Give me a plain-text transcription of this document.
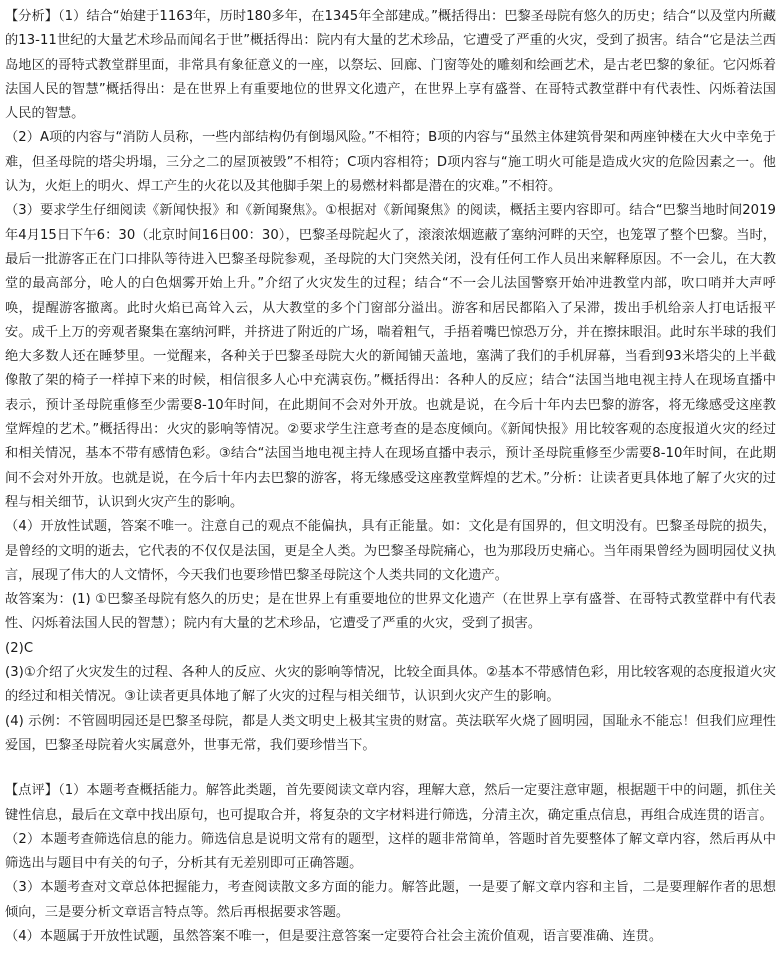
【分析】（1）结合“始建于1163年，历时180多年，在1345年全部建成。”概括得出：巴黎圣母院有悠久的历史；结合“以及堂内所藏的13-11世纪的大量艺术珍品而闻名于世”概括得出：院内有大量的艺术珍品，它遭受了严重的火灾，受到了损害。结合“它是法兰西岛地区的哥特式教堂群里面，非常具有象征意义的一座，以祭坛、回廊、门窗等处的雕刻和绘画艺术，是古老巴黎的象征。它闪烁着法国人民的智慧”概括得出：是在世界上有重要地位的世界文化遗产，在世界上享有盛誉、在哥特式教堂群中有代表性、闪烁着法国人民的智慧。

（2）A项的内容与“消防人员称，一些内部结构仍有倒塌风险。”不相符；B项的内容与“虽然主体建筑骨架和两座钟楼在大火中幸免于难，但圣母院的塔尖坍塌，三分之二的屋顶被毁”不相符；C项内容相符；D项内容与“施工明火可能是造成火灾的危险因素之一。他认为，火炬上的明火、焊工产生的火花以及其他脚手架上的易燃材料都是潜在的灾难。”不相符。

（3）要求学生仔细阅读《新闻快报》和《新闻聚焦》。①根据对《新闻聚焦》的阅读，概括主要内容即可。结合“巴黎当地时间2019年4月15日下午6：30（北京时间16日00：30），巴黎圣母院起火了，滚滚浓烟遮蔽了塞纳河畔的天空，也笼罩了整个巴黎。当时，最后一批游客正在门口排队等待进入巴黎圣母院参观，圣母院的大门突然关闭，没有任何工作人员出来解释原因。不一会儿，在大教堂的最高部分，呛人的白色烟雾开始上升。”介绍了火灾发生的过程；结合“不一会儿法国警察开始冲进教堂内部，吹口哨并大声呼唤，提醒游客撤离。此时火焰已高耸入云，从大教堂的多个门窗部分溢出。游客和居民都陷入了呆滞，拨出手机给亲人打电话报平安。成千上万的旁观者聚集在塞纳河畔，并挤进了附近的广场，喘着粗气，手捂着嘴巴惊恐万分，并在擦抹眼泪。此时东半球的我们绝大多数人还在睡梦里。一觉醒来，各种关于巴黎圣母院大火的新闻铺天盖地，塞满了我们的手机屏幕，当看到93米塔尖的上半截像散了架的椅子一样掉下来的时候，相信很多人心中充满哀伤。”概括得出：各种人的反应；结合“法国当地电视主持人在现场直播中表示，预计圣母院重修至少需要8-10年时间，在此期间不会对外开放。也就是说，在今后十年内去巴黎的游客，将无缘感受这座教堂辉煌的艺术。”概括得出：火灾的影响等情况。②要求学生注意考查的是态度倾向。《新闻快报》用比较客观的态度报道火灾的经过和相关情况，基本不带有感情色彩。③结合“法国当地电视主持人在现场直播中表示，预计圣母院重修至少需要8-10年时间，在此期间不会对外开放。也就是说，在今后十年内去巴黎的游客，将无缘感受这座教堂辉煌的艺术。”分析：让读者更具体地了解了火灾的过程与相关细节，认识到火灾产生的影响。

（4）开放性试题，答案不唯一。注意自己的观点不能偏执，具有正能量。如：文化是有国界的，但文明没有。巴黎圣母院的损失，是曾经的文明的逝去，它代表的不仅仅是法国，更是全人类。为巴黎圣母院痛心，也为那段历史痛心。当年雨果曾经为圆明园仗义执言，展现了伟大的人文情怀，今天我们也要珍惜巴黎圣母院这个人类共同的文化遗产。

故答案为：(1) ①巴黎圣母院有悠久的历史；是在世界上有重要地位的世界文化遗产（在世界上享有盛誉、在哥特式教堂群中有代表性、闪烁着法国人民的智慧）；院内有大量的艺术珍品，它遭受了严重的火灾，受到了损害。

(2)C

(3)①介绍了火灾发生的过程、各种人的反应、火灾的影响等情况，比较全面具体。②基本不带感情色彩，用比较客观的态度报道火灾的经过和相关情况。③让读者更具体地了解了火灾的过程与相关细节，认识到火灾产生的影响。

(4) 示例：不管圆明园还是巴黎圣母院，都是人类文明史上极其宝贵的财富。英法联军火烧了圆明园，国耻永不能忘！但我们应理性爱国，巴黎圣母院着火实属意外，世事无常，我们要珍惜当下。

【点评】（1）本题考查概括能力。解答此类题，首先要阅读文章内容，理解大意，然后一定要注意审题，根据题干中的问题，抓住关键性信息，最后在文章中找出原句，也可提取合并，将复杂的文字材料进行筛选，分清主次，确定重点信息，再组合成连贯的语言。

（2）本题考查筛选信息的能力。筛选信息是说明文常有的题型，这样的题非常简单，答题时首先要整体了解文章内容，然后再从中筛选出与题目中有关的句子，分析其有无差别即可正确答题。

（3）本题考查对文章总体把握能力，考查阅读散文多方面的能力。解答此题，一是要了解文章内容和主旨，二是要理解作者的思想倾向，三是要分析文章语言特点等。然后再根据要求答题。

（4）本题属于开放性试题，虽然答案不唯一，但是要注意答案一定要符合社会主流价值观，语言要准确、连贯。
